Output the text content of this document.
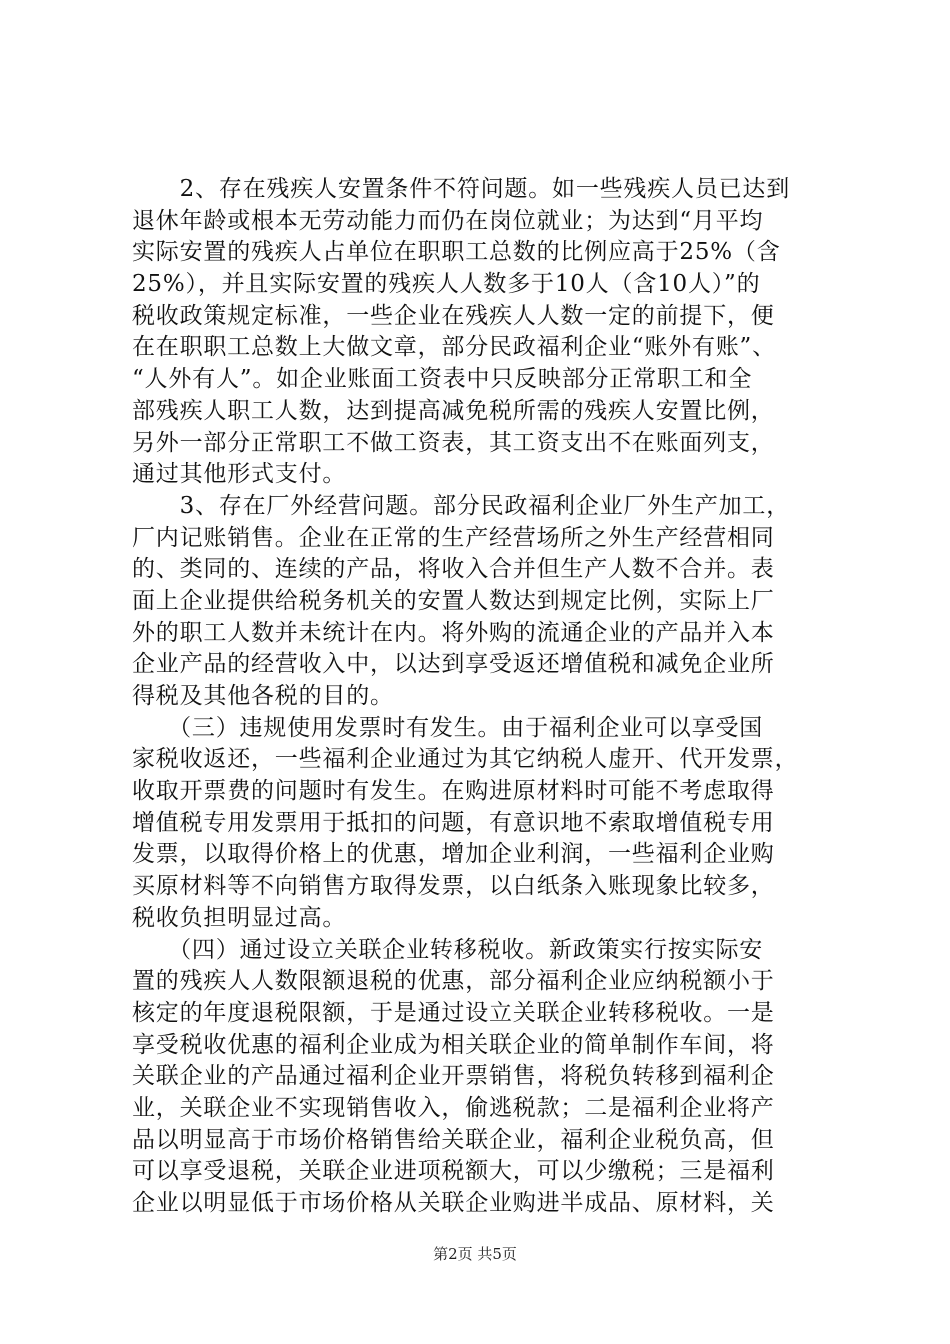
　　2、存在残疾人安置条件不符问题。如一些残疾人员已达到
退休年龄或根本无劳动能力而仍在岗位就业；为达到“月平均
实际安置的残疾人占单位在职职工总数的比例应高于25%（含
25%），并且实际安置的残疾人人数多于10人（含10人）”的
税收政策规定标准，一些企业在残疾人人数一定的前提下，便
在在职职工总数上大做文章，部分民政福利企业“账外有账”、
“人外有人”。如企业账面工资表中只反映部分正常职工和全
部残疾人职工人数，达到提高减免税所需的残疾人安置比例，
另外一部分正常职工不做工资表，其工资支出不在账面列支，
通过其他形式支付。
　　3、存在厂外经营问题。部分民政福利企业厂外生产加工，
厂内记账销售。企业在正常的生产经营场所之外生产经营相同
的、类同的、连续的产品，将收入合并但生产人数不合并。表
面上企业提供给税务机关的安置人数达到规定比例，实际上厂
外的职工人数并未统计在内。将外购的流通企业的产品并入本
企业产品的经营收入中，以达到享受返还增值税和减免企业所
得税及其他各税的目的。
　　（三）违规使用发票时有发生。由于福利企业可以享受国
家税收返还，一些福利企业通过为其它纳税人虚开、代开发票，
收取开票费的问题时有发生。在购进原材料时可能不考虑取得
增值税专用发票用于抵扣的问题，有意识地不索取增值税专用
发票，以取得价格上的优惠，增加企业利润，一些福利企业购
买原材料等不向销售方取得发票，以白纸条入账现象比较多，
税收负担明显过高。
　　（四）通过设立关联企业转移税收。新政策实行按实际安
置的残疾人人数限额退税的优惠，部分福利企业应纳税额小于
核定的年度退税限额，于是通过设立关联企业转移税收。一是
享受税收优惠的福利企业成为相关联企业的简单制作车间，将
关联企业的产品通过福利企业开票销售，将税负转移到福利企
业，关联企业不实现销售收入，偷逃税款；二是福利企业将产
品以明显高于市场价格销售给关联企业，福利企业税负高，但
可以享受退税，关联企业进项税额大，可以少缴税；三是福利
企业以明显低于市场价格从关联企业购进半成品、原材料，关
第2页 共5页
